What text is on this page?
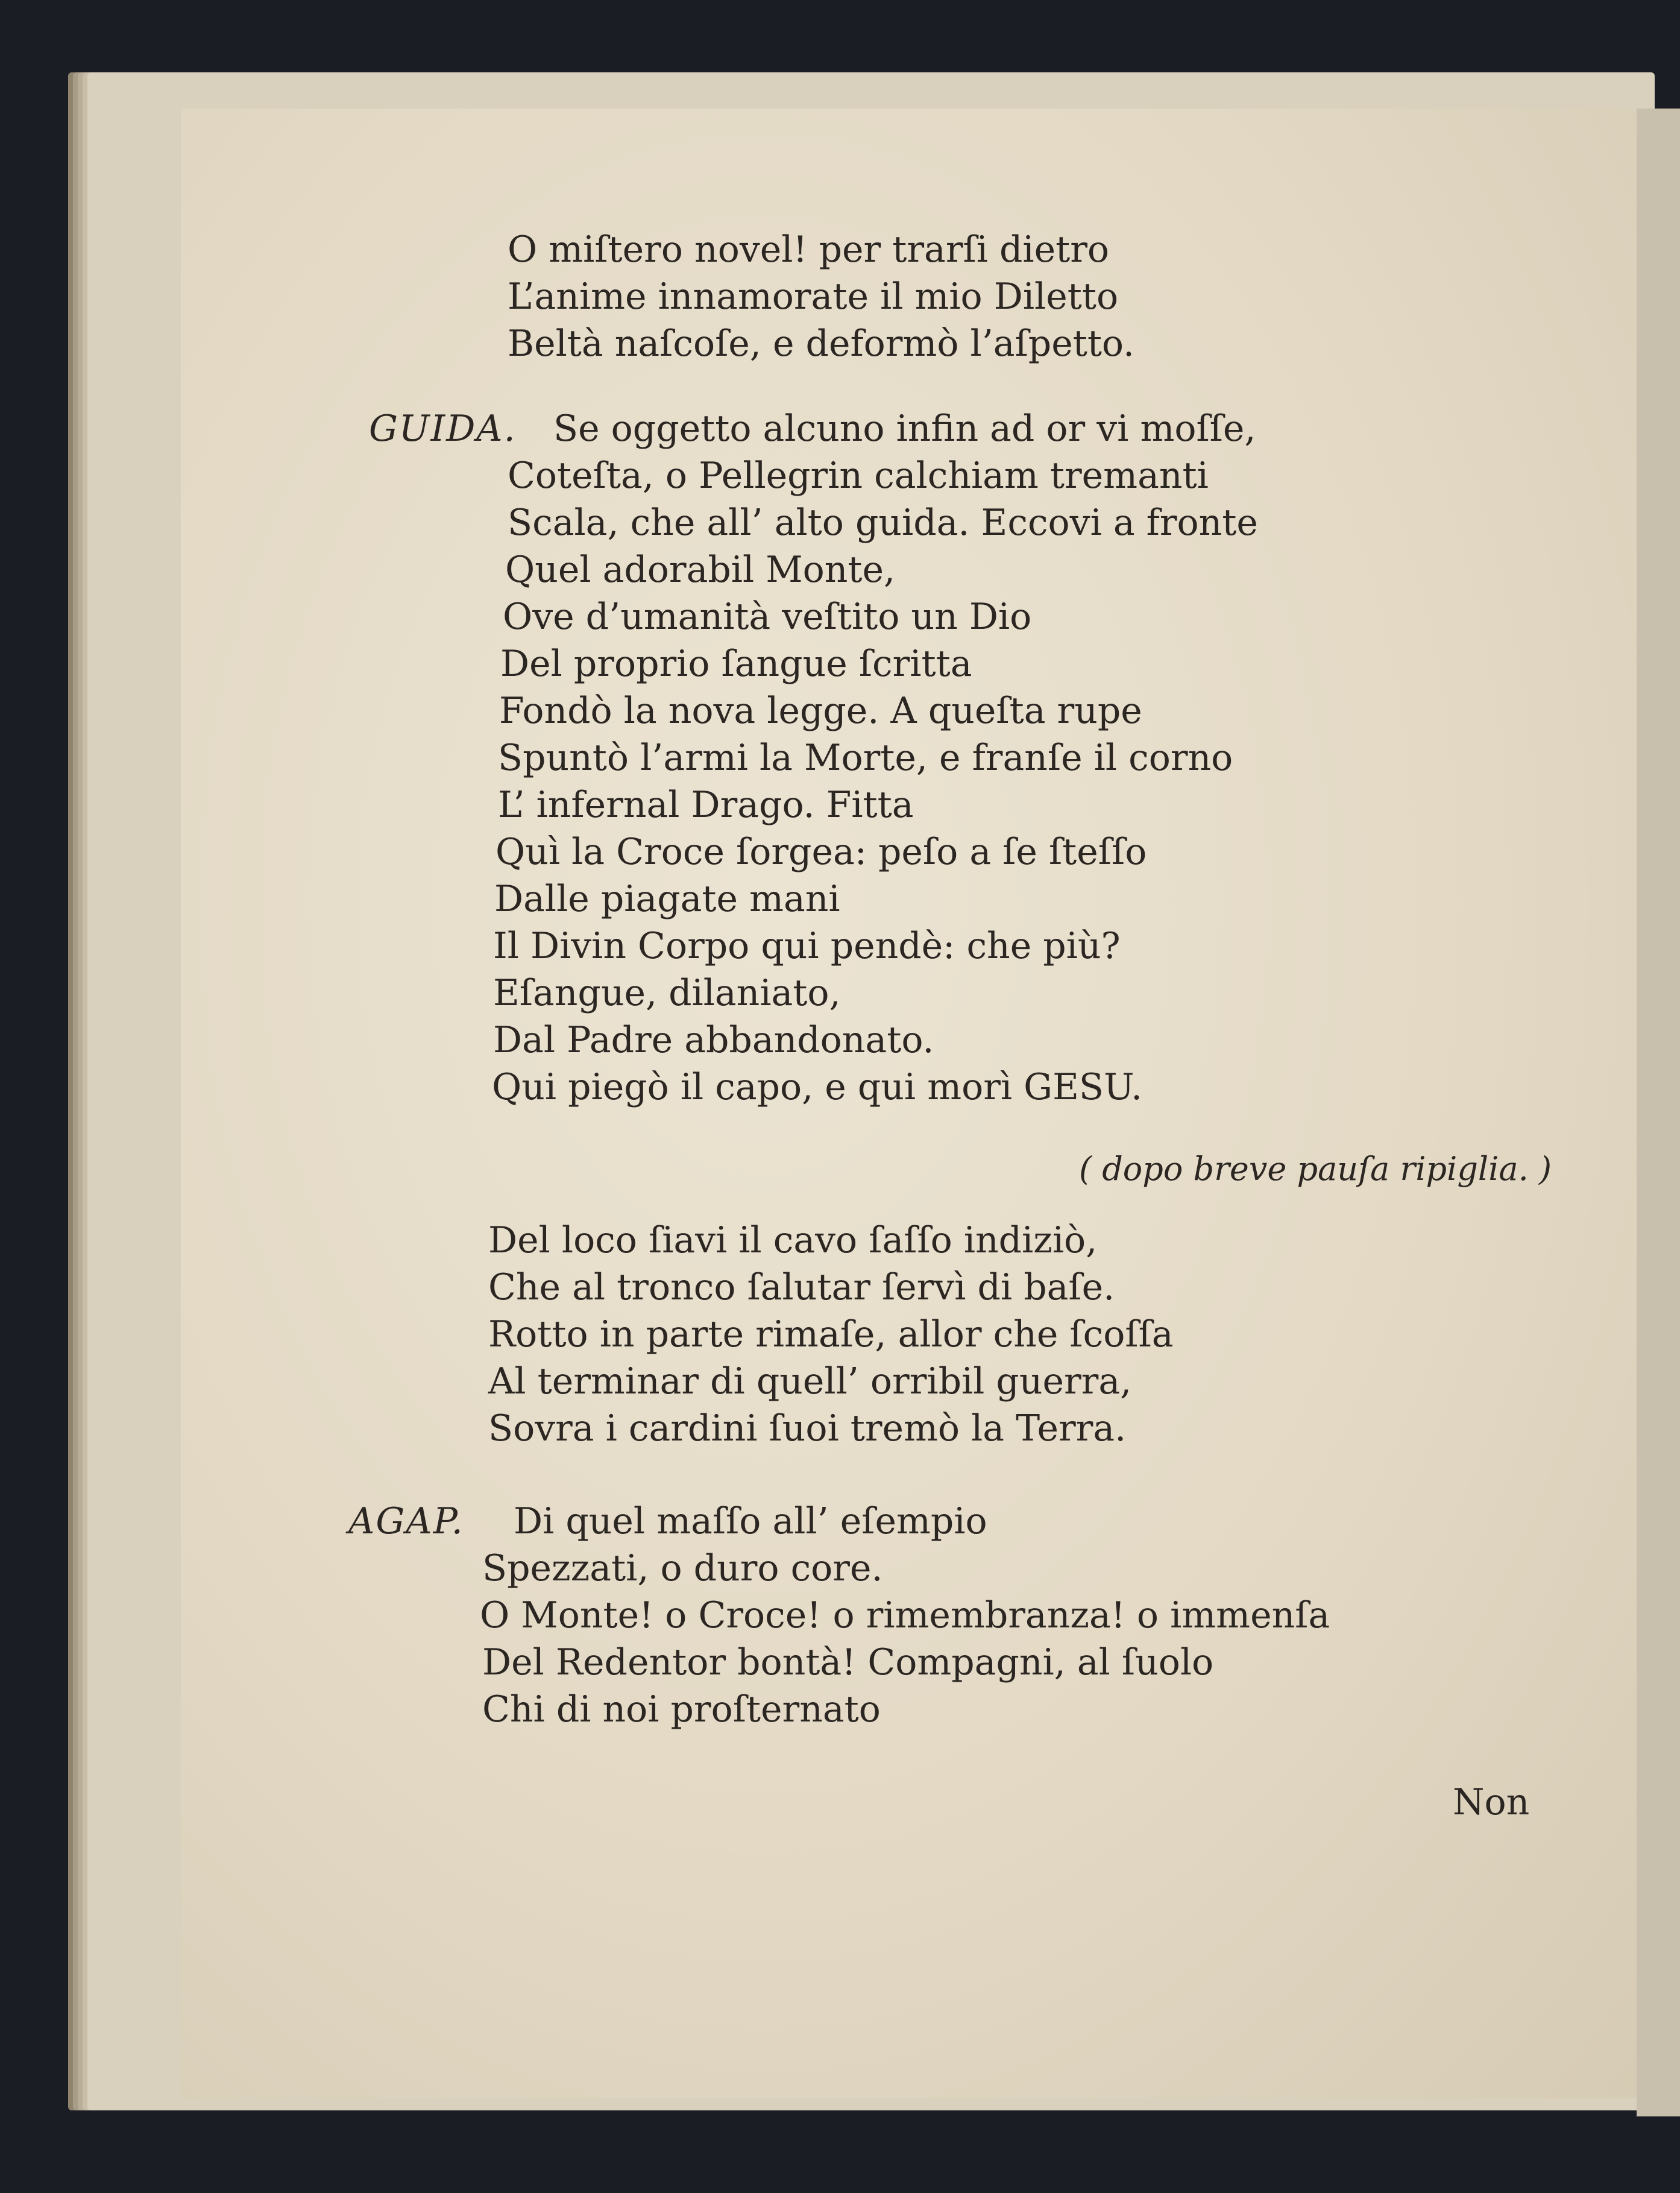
O miſtero novel! per trarſi dietro
L’anime innamorate il mio Diletto
Beltà naſcoſe, e deformò l’aſpetto.
GUIDA. Se oggetto alcuno infin ad or vi moſſe,
Coteſta, o Pellegrin calchiam tremanti
Scala, che all’ alto guida. Eccovi a fronte
Quel adorabil Monte,
Ove d’umanità veſtito un Dio
Del proprio ſangue ſcritta
Fondò la nova legge. A queſta rupe
Spuntò l’armi la Morte, e franſe il corno
L’ infernal Drago. Fitta
Quì la Croce ſorgea: peſo a ſe ſteſſo
Dalle piagate mani
Il Divin Corpo qui pendè: che più?
Eſangue, dilaniato,
Dal Padre abbandonato.
Qui piegò il capo, e qui morì GESU.
( dopo breve pauſa ripiglia. )
Del loco ſiavi il cavo ſaſſo indiziò,
Che al tronco ſalutar ſervì di baſe.
Rotto in parte rimaſe, allor che ſcoſſa
Al terminar di quell’ orribil guerra,
Sovra i cardini ſuoi tremò la Terra.
AGAP. Di quel maſſo all’ eſempio
Spezzati, o duro core.
O Monte! o Croce! o rimembranza! o immenſa
Del Redentor bontà! Compagni, al ſuolo
Chi di noi proſternato
Non
